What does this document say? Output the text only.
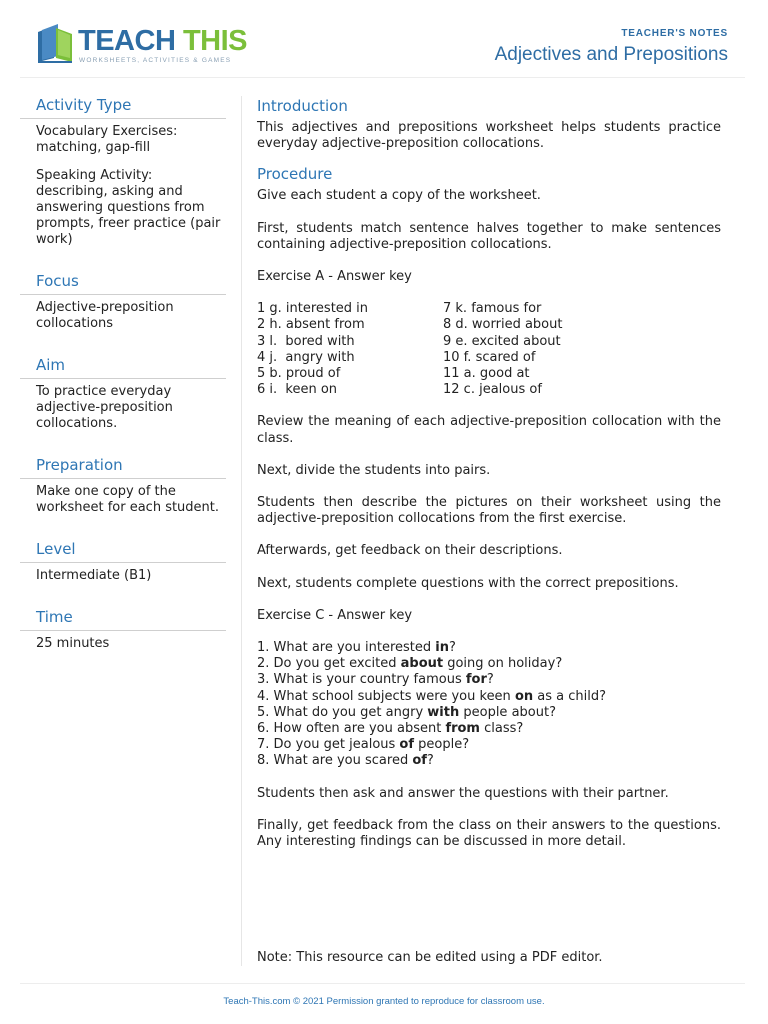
TEACH THIS
WORKSHEETS, ACTIVITIES & GAMES
TEACHER'S NOTES
Adjectives and Prepositions
Activity Type

Vocabulary Exercises: matching, gap-fill

Speaking Activity: describing, asking and answering questions from prompts, freer practice (pair work)

Focus

Adjective-preposition collocations

Aim

To practice everyday adjective-preposition collocations.

Preparation

Make one copy of the worksheet for each student.

Level

Intermediate (B1)

Time

25 minutes

Introduction

This adjectives and prepositions worksheet helps students practice everyday adjective-preposition collocations.

Procedure

Give each student a copy of the worksheet.

First, students match sentence halves together to make sentences containing adjective-preposition collocations.

Exercise A - Answer key

1 g. interested in
2 h. absent from
3 l.  bored with
4 j.  angry with
5 b. proud of
6 i.  keen on
7 k. famous for
8 d. worried about
9 e. excited about
10 f. scared of
11 a. good at
12 c. jealous of

Review the meaning of each adjective-preposition collocation with the class.

Next, divide the students into pairs.

Students then describe the pictures on their worksheet using the adjective-preposition collocations from the first exercise.

Afterwards, get feedback on their descriptions.

Next, students complete questions with the correct prepositions.

Exercise C - Answer key

1. What are you interested in?
2. Do you get excited about going on holiday?
3. What is your country famous for?
4. What school subjects were you keen on as a child?
5. What do you get angry with people about?
6. How often are you absent from class?
7. Do you get jealous of people?
8. What are you scared of?

Students then ask and answer the questions with their partner.

Finally, get feedback from the class on their answers to the questions. Any interesting findings can be discussed in more detail.

Note: This resource can be edited using a PDF editor.
Teach-This.com © 2021 Permission granted to reproduce for classroom use.
